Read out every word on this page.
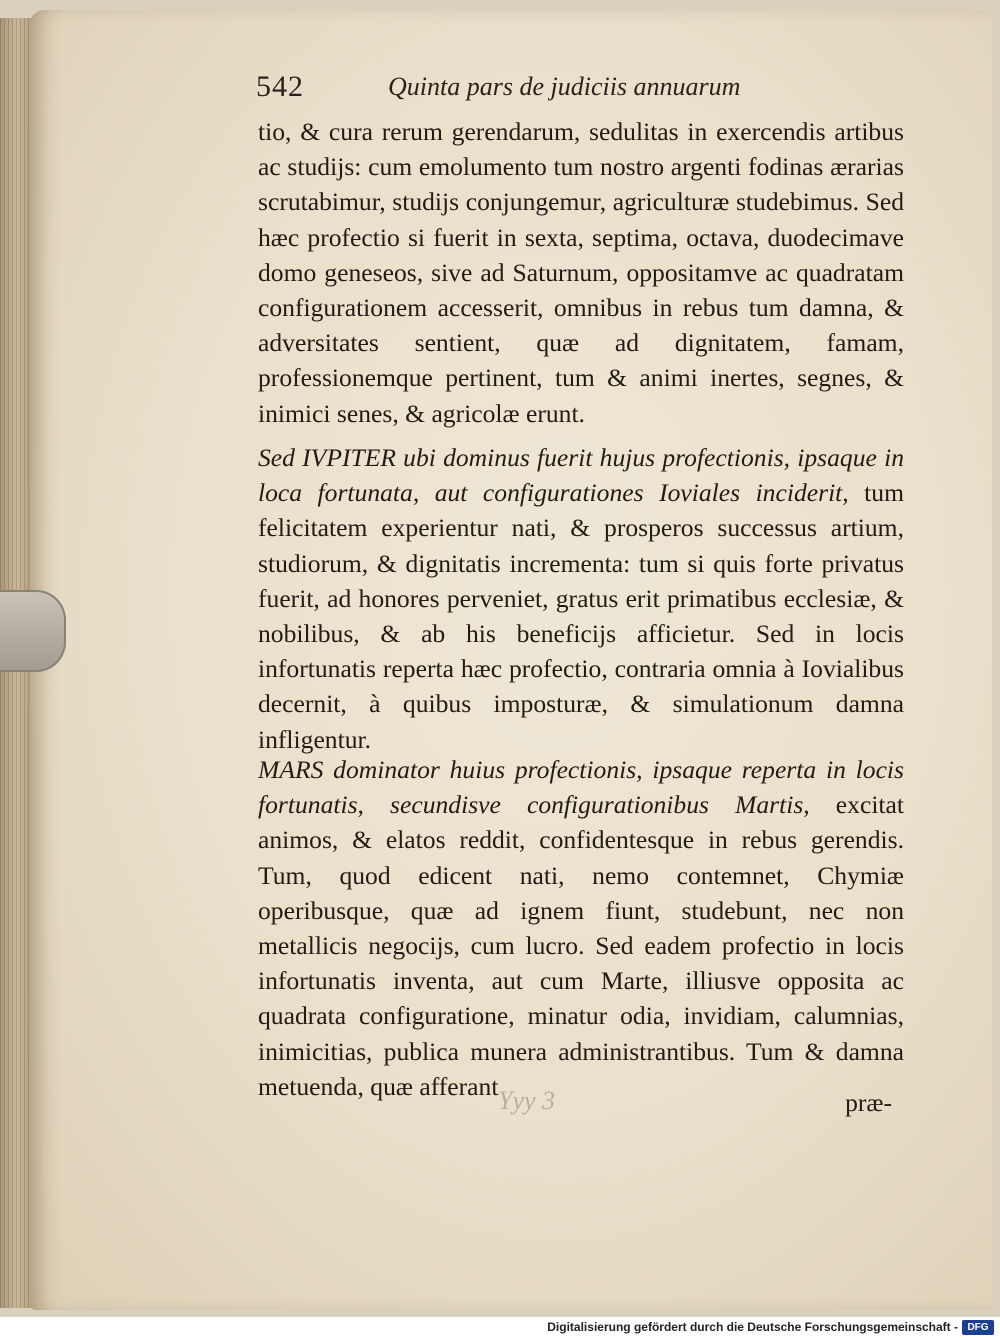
542	Quinta pars de judiciis annuarum

tio, & cura rerum gerendarum, sedulitas in exercendis artibus ac studijs: cum emolumento tum nostro argenti fodinas ærarias scrutabimur, studijs conjungemur, agriculturæ studebimus. Sed hæc profectio si fuerit in sexta, septima, octava, duodecimave domo geneseos, sive ad Saturnum, oppositamve ac quadratam configurationem accesserit, omnibus in rebus tum damna, & adversitates sentient, quæ ad dignitatem, famam, professionemque pertinent, tum & animi inertes, segnes, & inimici senes, & agricolæ erunt.

Sed IVPITER ubi dominus fuerit hujus profectionis, ipsaque in loca fortunata, aut configurationes Ioviales inciderit, tum felicitatem experientur nati, & prosperos successus artium, studiorum, & dignitatis incrementa: tum si quis forte privatus fuerit, ad honores perveniet, gratus erit primatibus ecclesiæ, & nobilibus, & ab his beneficijs afficietur. Sed in locis infortunatis reperta hæc profectio, contraria omnia à Iovialibus decernit, à quibus imposturæ, & simulationum damna infligentur.

MARS dominator huius profectionis, ipsaque reperta in locis fortunatis, secundisve configurationibus Martis, excitat animos, & elatos reddit, confidentesque in rebus gerendis. Tum, quod edicent nati, nemo contemnet, Chymiæ operibusque, quæ ad ignem fiunt, studebunt, nec non metallicis negocijs, cum lucro. Sed eadem profectio in locis infortunatis inventa, aut cum Marte, illiusve opposita ac quadrata configuratione, minatur odia, invidiam, calumnias, inimicitias, publica munera administrantibus. Tum & damna metuenda, quæ afferant Yyy 3	præ-
Digitalisierung gefördert durch die Deutsche Forschungsgemeinschaft - DFG
